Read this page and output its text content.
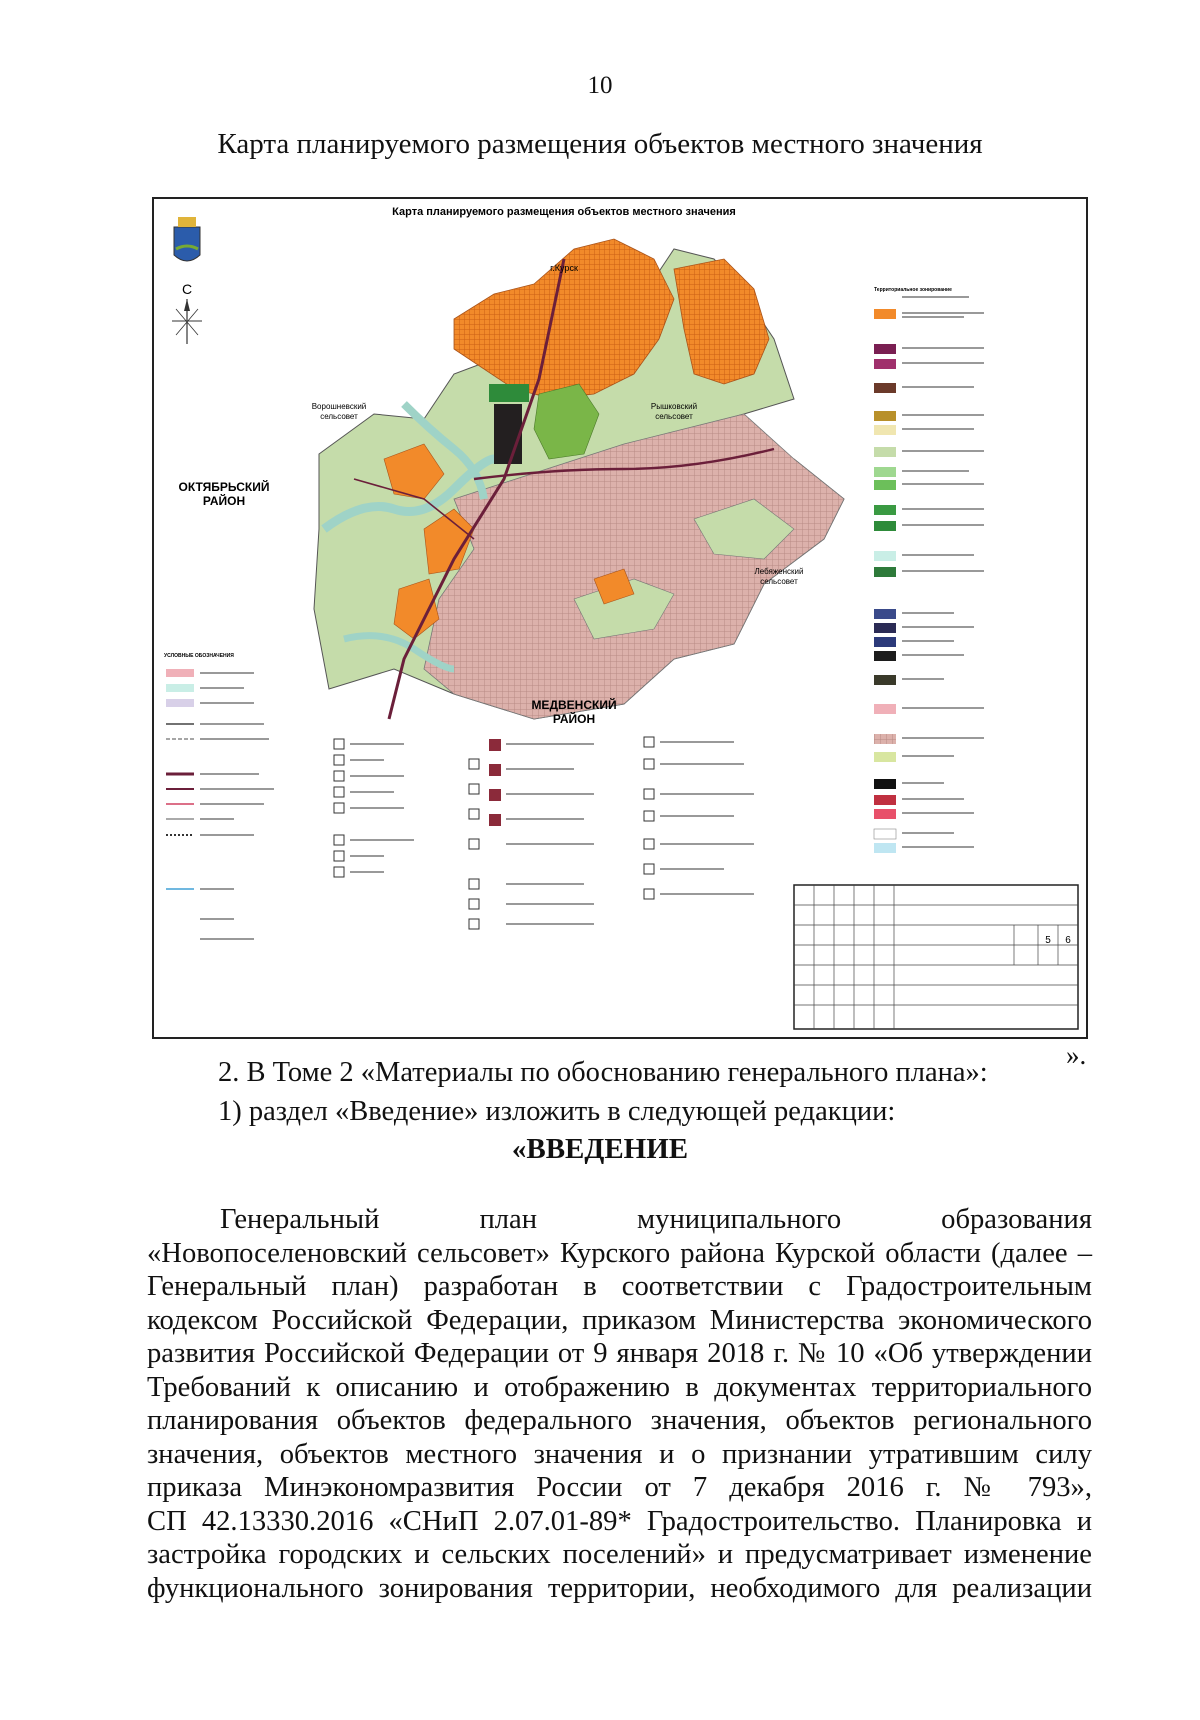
10
Карта планируемого размещения объектов местного значения
Карта планируемого размещения объектов местного значения
С
г.Курск
Ворошневский
сельсовет
Рышковский
сельсовет
ОКТЯБРЬСКИЙ
РАЙОН
Лебяженский
сельсовет
МЕДВЕНСКИЙ
РАЙОН
Территориальное зонирование
УСЛОВНЫЕ ОБОЗНАЧЕНИЯ
5 6
».
2. В Томе 2 «Материалы по обоснованию генерального плана»:
1) раздел «Введение» изложить в следующей редакции:
«ВВЕДЕНИЕ
Генеральный план муниципального образования
«Новопоселеновский сельсовет» Курского района Курской области (далее –
Генеральный план) разработан в соответствии с Градостроительным
кодексом Российской Федерации, приказом Министерства экономического
развития Российской Федерации от 9 января 2018 г. № 10 «Об утверждении
Требований к описанию и отображению в документах территориального
планирования объектов федерального значения, объектов регионального
значения, объектов местного значения и о признании утратившим силу
приказа Минэкономразвития России от 7 декабря 2016 г. № 793»,
СП 42.13330.2016 «СНиП 2.07.01-89* Градостроительство. Планировка и
застройка городских и сельских поселений» и предусматривает изменение
функционального зонирования территории, необходимого для реализации
